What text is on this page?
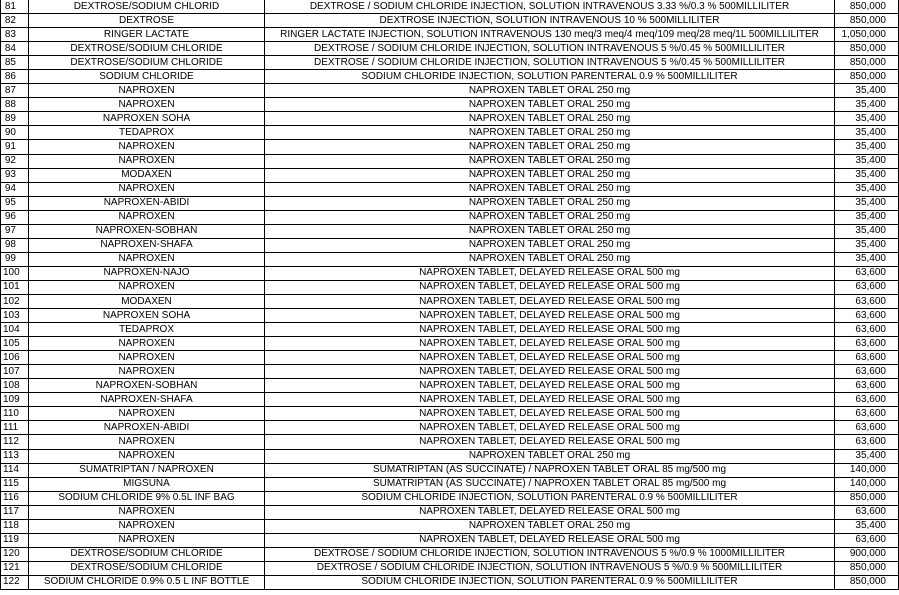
81	DEXTROSE/SODIUM CHLORID	DEXTROSE / SODIUM CHLORIDE INJECTION, SOLUTION INTRAVENOUS 3.33 %/0.3 % 500MILLILITER	850,000
82	DEXTROSE	DEXTROSE INJECTION, SOLUTION INTRAVENOUS 10 % 500MILLILITER	850,000
83	RINGER LACTATE	RINGER LACTATE INJECTION, SOLUTION INTRAVENOUS 130 meq/3 meq/4 meq/109 meq/28 meq/1L 500MILLILITER	1,050,000
84	DEXTROSE/SODIUM CHLORIDE	DEXTROSE / SODIUM CHLORIDE INJECTION, SOLUTION INTRAVENOUS 5 %/0.45 % 500MILLILITER	850,000
85	DEXTROSE/SODIUM CHLORIDE	DEXTROSE / SODIUM CHLORIDE INJECTION, SOLUTION INTRAVENOUS 5 %/0.45 % 500MILLILITER	850,000
86	SODIUM CHLORIDE	SODIUM CHLORIDE INJECTION, SOLUTION PARENTERAL 0.9 % 500MILLILITER	850,000
87	NAPROXEN	NAPROXEN TABLET ORAL 250 mg	35,400
88	NAPROXEN	NAPROXEN TABLET ORAL 250 mg	35,400
89	NAPROXEN SOHA	NAPROXEN TABLET ORAL 250 mg	35,400
90	TEDAPROX	NAPROXEN TABLET ORAL 250 mg	35,400
91	NAPROXEN	NAPROXEN TABLET ORAL 250 mg	35,400
92	NAPROXEN	NAPROXEN TABLET ORAL 250 mg	35,400
93	MODAXEN	NAPROXEN TABLET ORAL 250 mg	35,400
94	NAPROXEN	NAPROXEN TABLET ORAL 250 mg	35,400
95	NAPROXEN-ABIDI	NAPROXEN TABLET ORAL 250 mg	35,400
96	NAPROXEN	NAPROXEN TABLET ORAL 250 mg	35,400
97	NAPROXEN-SOBHAN	NAPROXEN TABLET ORAL 250 mg	35,400
98	NAPROXEN-SHAFA	NAPROXEN TABLET ORAL 250 mg	35,400
99	NAPROXEN	NAPROXEN TABLET ORAL 250 mg	35,400
100	NAPROXEN-NAJO	NAPROXEN TABLET, DELAYED RELEASE ORAL 500 mg	63,600
101	NAPROXEN	NAPROXEN TABLET, DELAYED RELEASE ORAL 500 mg	63,600
102	MODAXEN	NAPROXEN TABLET, DELAYED RELEASE ORAL 500 mg	63,600
103	NAPROXEN SOHA	NAPROXEN TABLET, DELAYED RELEASE ORAL 500 mg	63,600
104	TEDAPROX	NAPROXEN TABLET, DELAYED RELEASE ORAL 500 mg	63,600
105	NAPROXEN	NAPROXEN TABLET, DELAYED RELEASE ORAL 500 mg	63,600
106	NAPROXEN	NAPROXEN TABLET, DELAYED RELEASE ORAL 500 mg	63,600
107	NAPROXEN	NAPROXEN TABLET, DELAYED RELEASE ORAL 500 mg	63,600
108	NAPROXEN-SOBHAN	NAPROXEN TABLET, DELAYED RELEASE ORAL 500 mg	63,600
109	NAPROXEN-SHAFA	NAPROXEN TABLET, DELAYED RELEASE ORAL 500 mg	63,600
110	NAPROXEN	NAPROXEN TABLET, DELAYED RELEASE ORAL 500 mg	63,600
111	NAPROXEN-ABIDI	NAPROXEN TABLET, DELAYED RELEASE ORAL 500 mg	63,600
112	NAPROXEN	NAPROXEN TABLET, DELAYED RELEASE ORAL 500 mg	63,600
113	NAPROXEN	NAPROXEN TABLET ORAL 250 mg	35,400
114	SUMATRIPTAN / NAPROXEN	SUMATRIPTAN (AS SUCCINATE) / NAPROXEN TABLET ORAL 85 mg/500 mg	140,000
115	MIGSUNA	SUMATRIPTAN (AS SUCCINATE) / NAPROXEN TABLET ORAL 85 mg/500 mg	140,000
116	SODIUM CHLORIDE 9% 0.5L INF BAG	SODIUM CHLORIDE INJECTION, SOLUTION PARENTERAL 0.9 % 500MILLILITER	850,000
117	NAPROXEN	NAPROXEN TABLET, DELAYED RELEASE ORAL 500 mg	63,600
118	NAPROXEN	NAPROXEN TABLET ORAL 250 mg	35,400
119	NAPROXEN	NAPROXEN TABLET, DELAYED RELEASE ORAL 500 mg	63,600
120	DEXTROSE/SODIUM CHLORIDE	DEXTROSE / SODIUM CHLORIDE INJECTION, SOLUTION INTRAVENOUS 5 %/0.9 % 1000MILLILITER	900,000
121	DEXTROSE/SODIUM CHLORIDE	DEXTROSE / SODIUM CHLORIDE INJECTION, SOLUTION INTRAVENOUS 5 %/0.9 % 500MILLILITER	850,000
122	SODIUM CHLORIDE 0.9% 0.5 L INF BOTTLE	SODIUM CHLORIDE INJECTION, SOLUTION PARENTERAL 0.9 % 500MILLILITER	850,000
